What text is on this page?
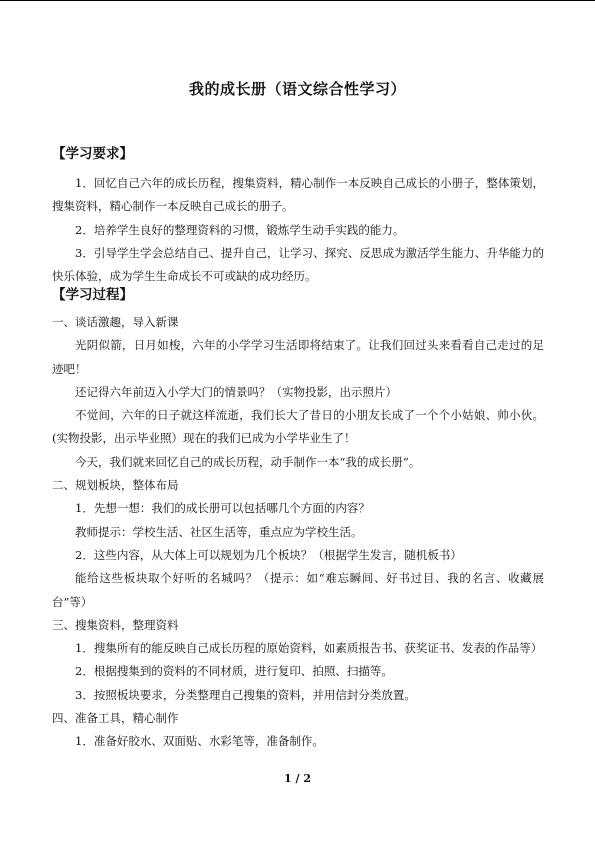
我的成长册（语文综合性学习）
【学习要求】

1．回忆自己六年的成长历程，搜集资料，精心制作一本反映自己成长的小册子，整体策划，搜集资料，精心制作一本反映自己成长的册子。

2．培养学生良好的整理资料的习惯，锻炼学生动手实践的能力。

3．引导学生学会总结自己、提升自己，让学习、探究、反思成为激活学生能力、升华能力的快乐体验，成为学生生命成长不可或缺的成功经历。

【学习过程】

一、谈话激趣，导入新课

光阴似箭，日月如梭，六年的小学学习生活即将结束了。让我们回过头来看看自己走过的足迹吧！

还记得六年前迈入小学大门的情景吗？（实物投影，出示照片）

不觉间，六年的日子就这样流逝，我们长大了昔日的小朋友长成了一个个小姑娘、帅小伙。(实物投影，出示毕业照）现在的我们已成为小学毕业生了！

今天，我们就来回忆自己的成长历程，动手制作一本“我的成长册”。

二、规划板块，整体布局

1．先想一想：我们的成长册可以包括哪几个方面的内容？

教师提示：学校生活、社区生活等，重点应为学校生活。

2．这些内容，从大体上可以规划为几个板块？（根据学生发言，随机板书）

能给这些板块取个好听的名城吗？（提示：如“难忘瞬间、好书过目、我的名言、收藏展台”等）

三、搜集资料，整理资料

1．搜集所有的能反映自己成长历程的原始资料，如素质报告书、获奖证书、发表的作品等）

2．根据搜集到的资料的不同材质，进行复印、拍照、扫描等。

3．按照板块要求，分类整理自己搜集的资料，并用信封分类放置。

四、准备工具，精心制作

1．准备好胶水、双面贴、水彩笔等，准备制作。

1 / 2
